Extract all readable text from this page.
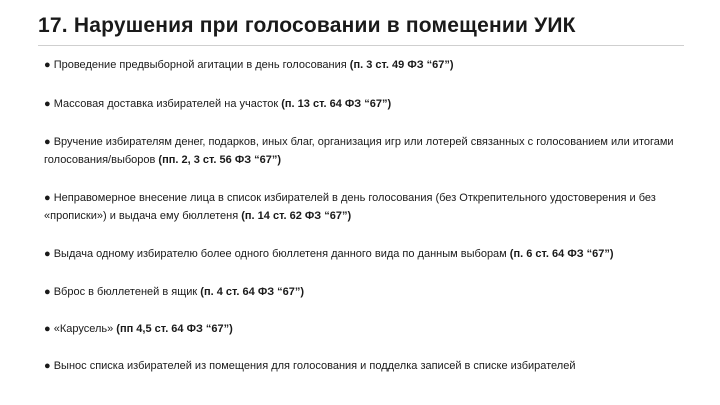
17. Нарушения при голосовании в помещении УИК
● Проведение предвыборной агитации в день голосования (п. 3 ст. 49 ФЗ “67”)
● Массовая доставка избирателей на участок (п. 13 ст. 64 ФЗ “67”)
● Вручение избирателям денег, подарков, иных благ, организация игр или лотерей связанных с голосованием или итогами голосования/выборов (пп. 2, 3 ст. 56 ФЗ “67”)
● Неправомерное внесение лица в список избирателей в день голосования (без Открепительного удостоверения и без «прописки») и выдача ему бюллетеня (п. 14 ст. 62 ФЗ “67”)
● Выдача одному избирателю более одного бюллетеня данного вида по данным выборам (п. 6 ст. 64 ФЗ “67”)
● Вброс в бюллетеней в ящик (п. 4 ст. 64 ФЗ “67”)
● «Карусель» (пп 4,5 ст. 64 ФЗ “67”)
● Вынос списка избирателей из помещения для голосования и подделка записей в списке избирателей
